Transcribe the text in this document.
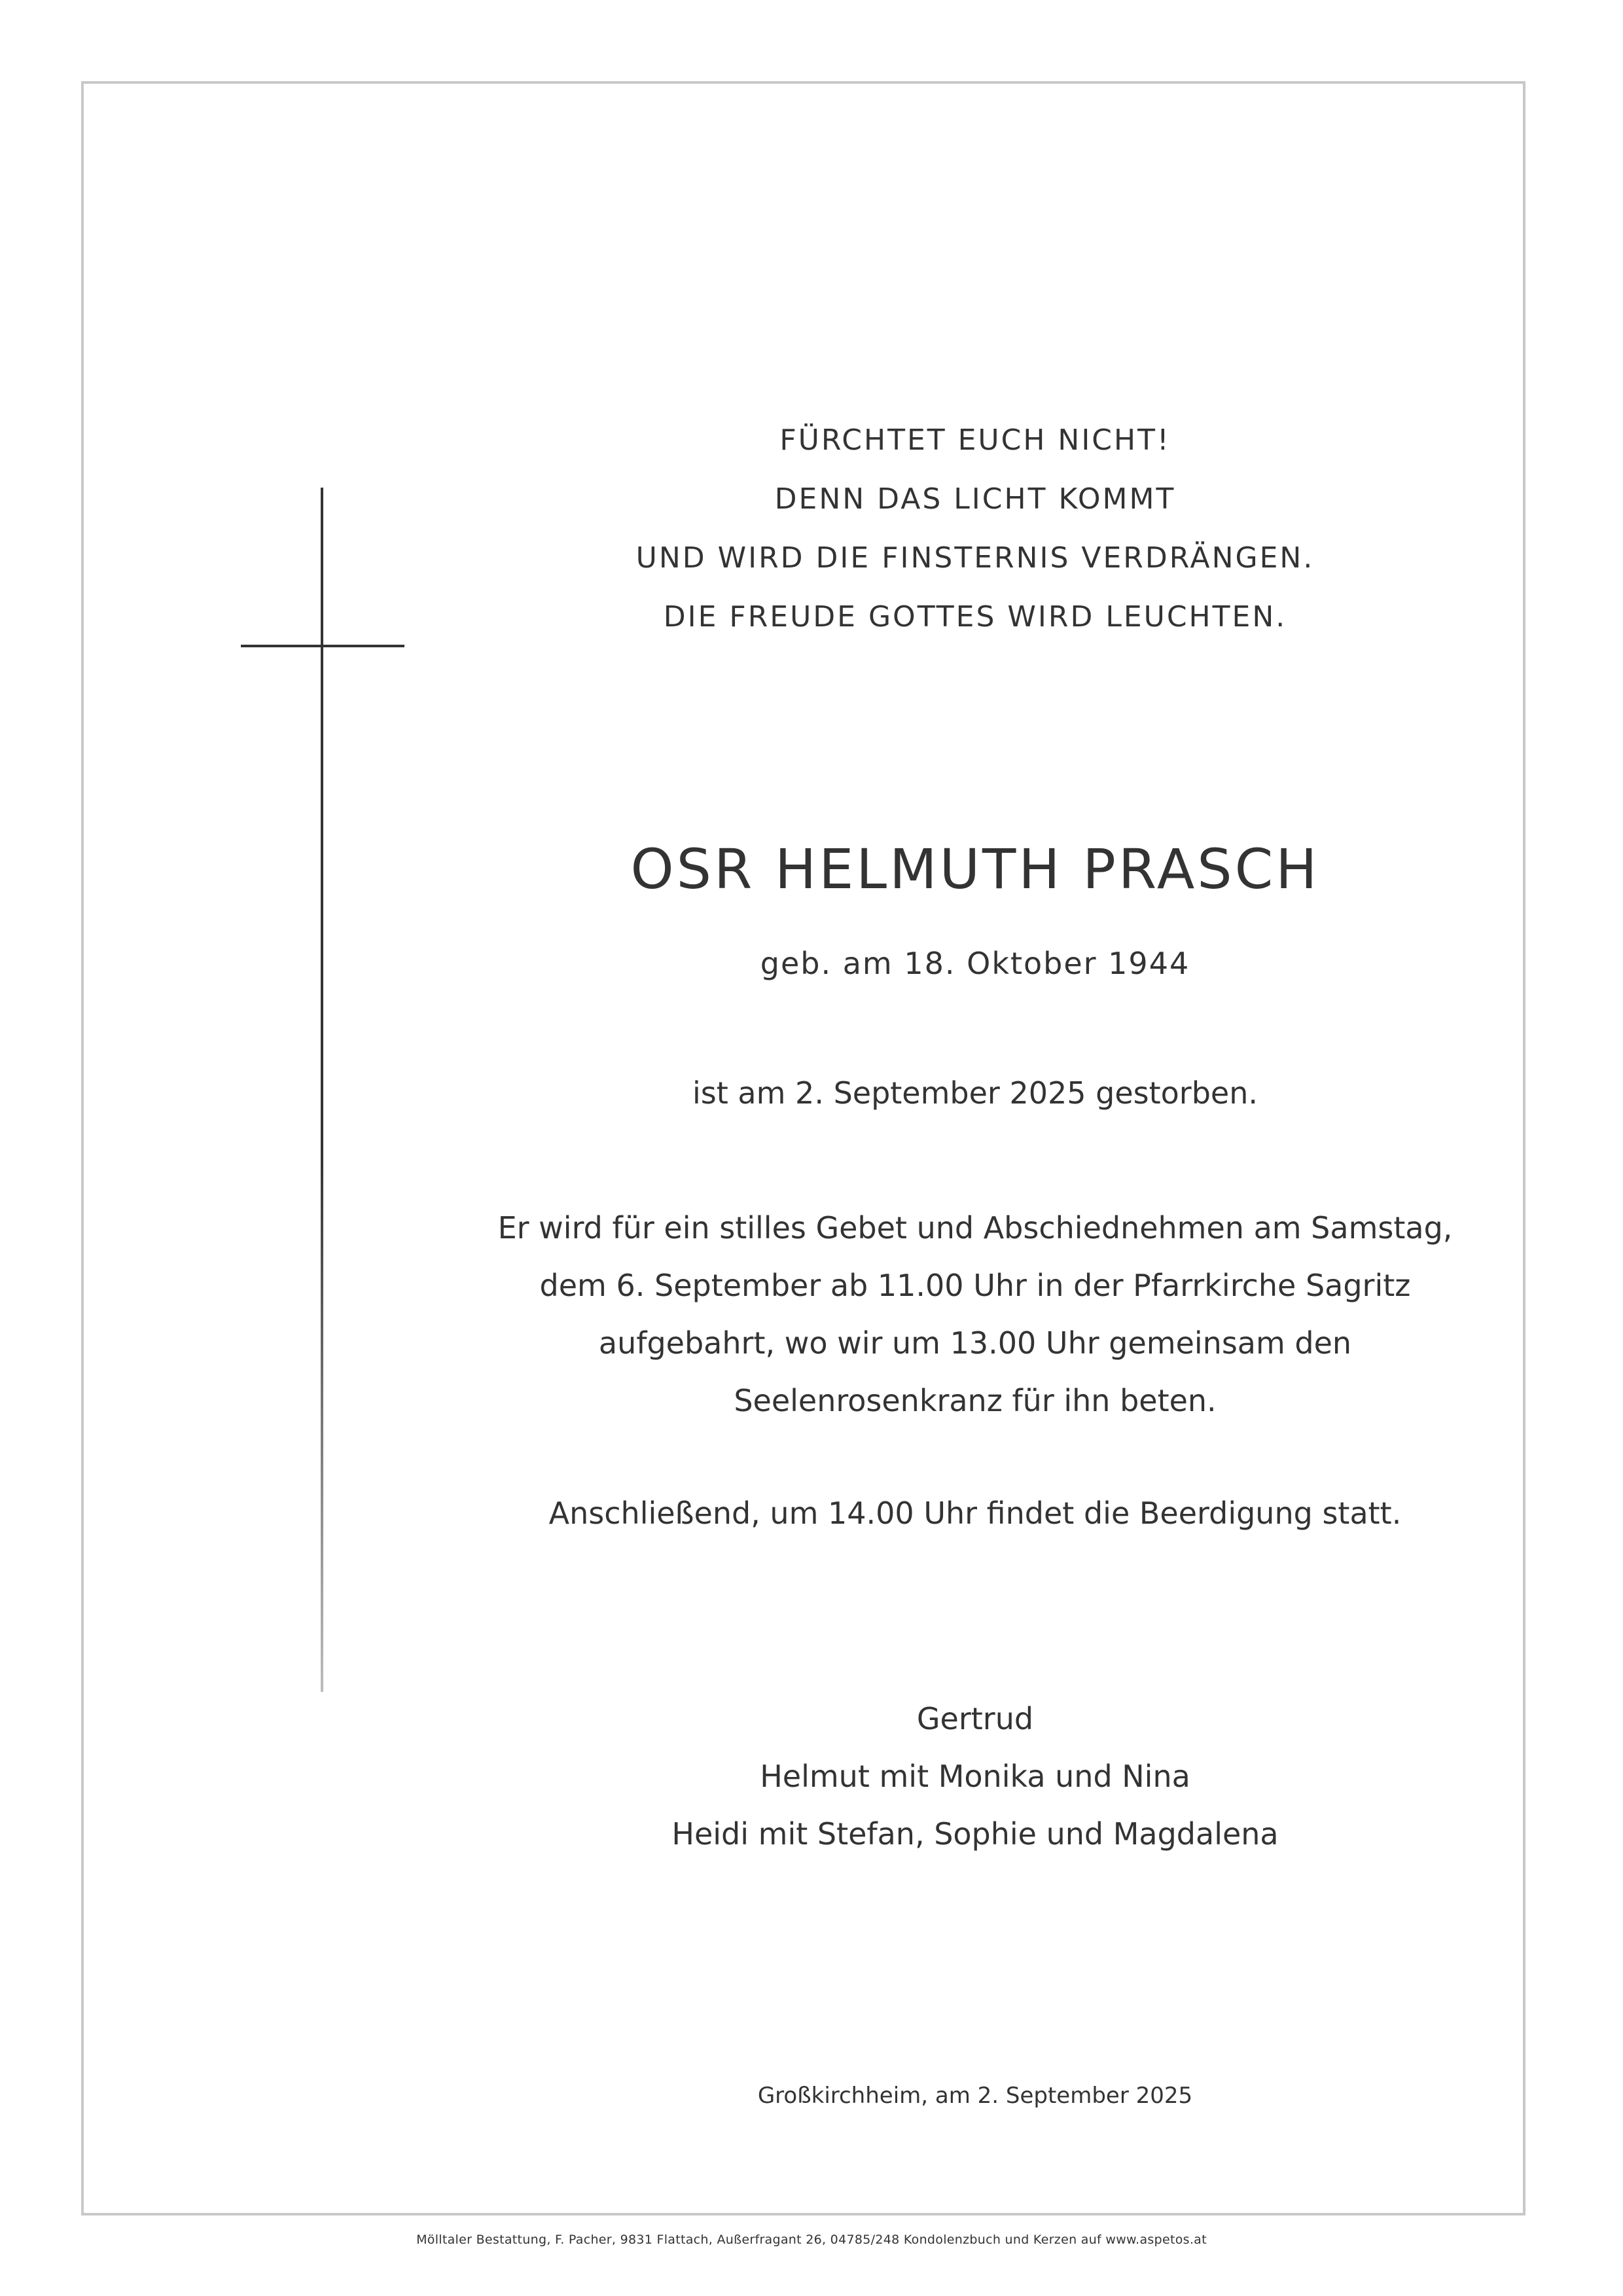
FÜRCHTET EUCH NICHT!
DENN DAS LICHT KOMMT
UND WIRD DIE FINSTERNIS VERDRÄNGEN.
DIE FREUDE GOTTES WIRD LEUCHTEN.
OSR HELMUTH PRASCH
geb. am 18. Oktober 1944
ist am 2. September 2025 gestorben.
Er wird für ein stilles Gebet und Abschiednehmen am Samstag,
dem 6. September ab 11.00 Uhr in der Pfarrkirche Sagritz
aufgebahrt, wo wir um 13.00 Uhr gemeinsam den
Seelenrosenkranz für ihn beten.
Anschließend, um 14.00 Uhr findet die Beerdigung statt.
Gertrud
Helmut mit Monika und Nina
Heidi mit Stefan, Sophie und Magdalena
Großkirchheim, am 2. September 2025
Mölltaler Bestattung, F. Pacher, 9831 Flattach, Außerfragant 26, 04785/248 Kondolenzbuch und Kerzen auf www.aspetos.at
